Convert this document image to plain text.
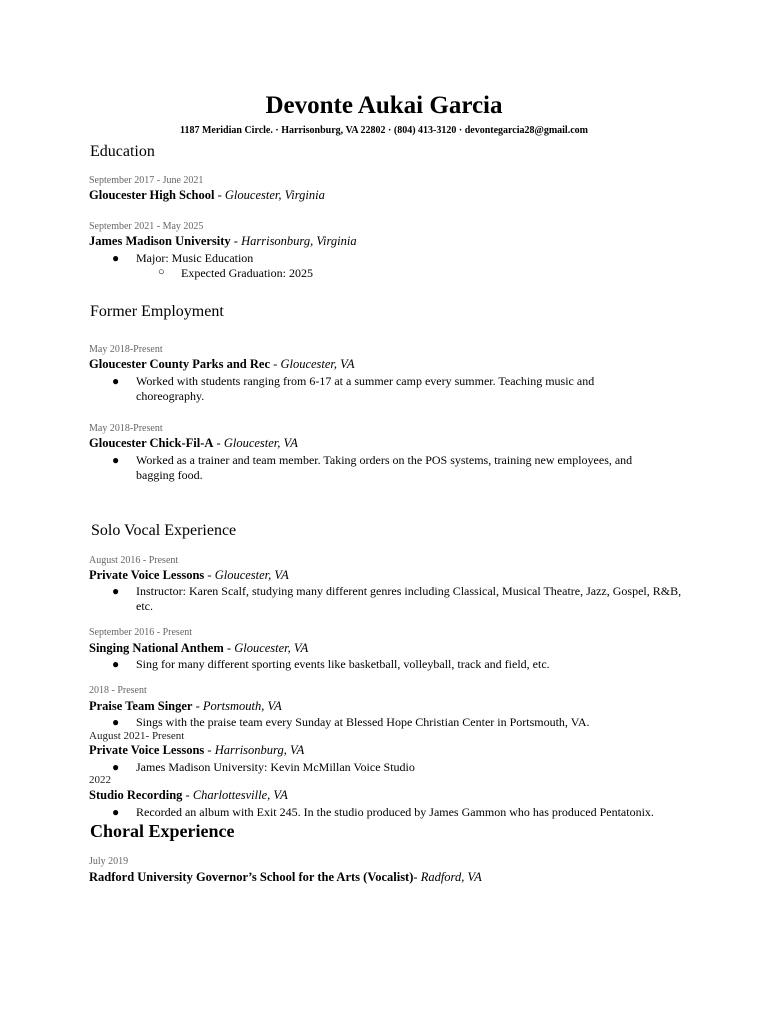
Devonte Aukai Garcia
1187 Meridian Circle. · Harrisonburg, VA 22802 · (804) 413-3120 · devontegarcia28@gmail.com
Education
September 2017 - June 2021
Gloucester High School - Gloucester, Virginia
September 2021 - May 2025
James Madison University - Harrisonburg, Virginia
● Major: Music Education
○ Expected Graduation: 2025
Former Employment
May 2018-Present
Gloucester County Parks and Rec - Gloucester, VA
● Worked with students ranging from 6-17 at a summer camp every summer. Teaching music and choreography.
May 2018-Present
Gloucester Chick-Fil-A - Gloucester, VA
● Worked as a trainer and team member. Taking orders on the POS systems, training new employees, and bagging food.
Solo Vocal Experience
August 2016 - Present
Private Voice Lessons - Gloucester, VA
● Instructor: Karen Scalf, studying many different genres including Classical, Musical Theatre, Jazz, Gospel, R&B, etc.
September 2016 - Present
Singing National Anthem - Gloucester, VA
● Sing for many different sporting events like basketball, volleyball, track and field, etc.
2018 - Present
Praise Team Singer - Portsmouth, VA
● Sings with the praise team every Sunday at Blessed Hope Christian Center in Portsmouth, VA.
August 2021- Present
Private Voice Lessons - Harrisonburg, VA
● James Madison University: Kevin McMillan Voice Studio
2022
Studio Recording - Charlottesville, VA
● Recorded an album with Exit 245. In the studio produced by James Gammon who has produced Pentatonix.
Choral Experience
July 2019
Radford University Governor’s School for the Arts (Vocalist)- Radford, VA
